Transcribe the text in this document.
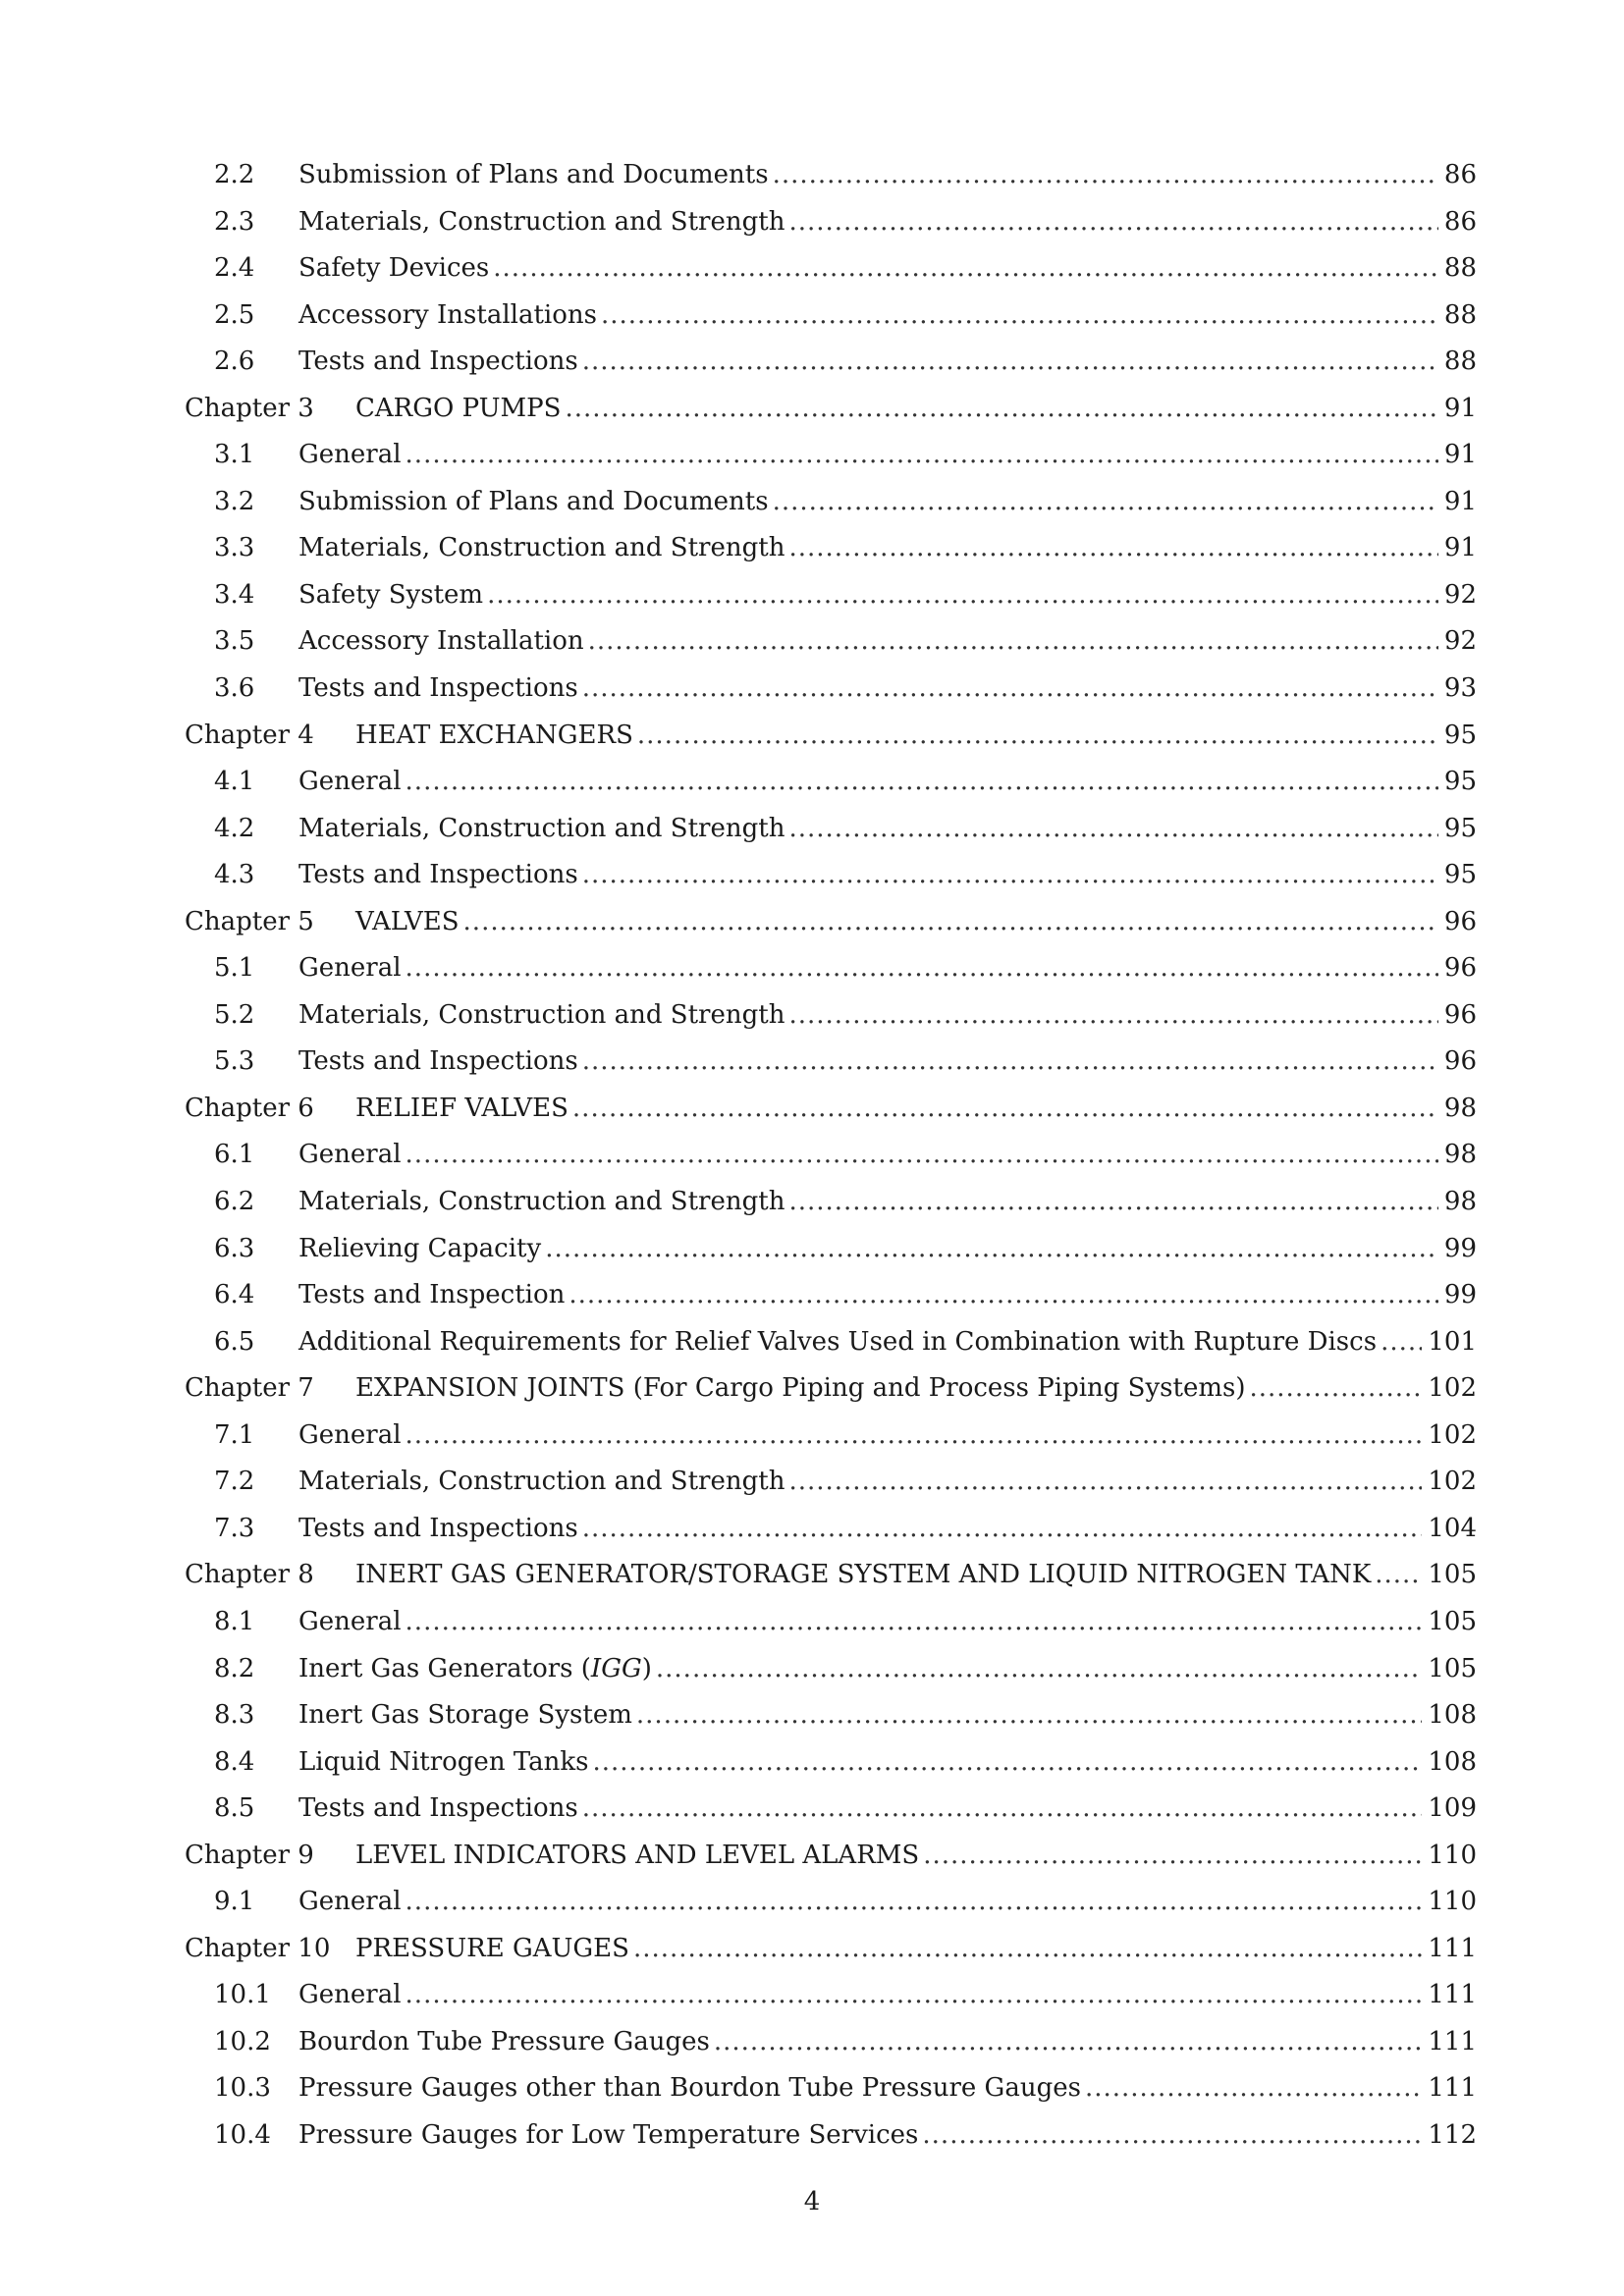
2.2	Submission of Plans and Documents .....	86
2.3	Materials, Construction and Strength .....	86
2.4	Safety Devices .....	88
2.5	Accessory Installations .....	88
2.6	Tests and Inspections .....	88
Chapter 3	CARGO PUMPS .....	91
3.1	General .....	91
3.2	Submission of Plans and Documents .....	91
3.3	Materials, Construction and Strength .....	91
3.4	Safety System .....	92
3.5	Accessory Installation .....	92
3.6	Tests and Inspections .....	93
Chapter 4	HEAT EXCHANGERS .....	95
4.1	General .....	95
4.2	Materials, Construction and Strength .....	95
4.3	Tests and Inspections .....	95
Chapter 5	VALVES .....	96
5.1	General .....	96
5.2	Materials, Construction and Strength .....	96
5.3	Tests and Inspections .....	96
Chapter 6	RELIEF VALVES .....	98
6.1	General .....	98
6.2	Materials, Construction and Strength .....	98
6.3	Relieving Capacity .....	99
6.4	Tests and Inspection .....	99
6.5	Additional Requirements for Relief Valves Used in Combination with Rupture Discs ..... 101
Chapter 7	EXPANSION JOINTS (For Cargo Piping and Process Piping Systems) .....	102
7.1	General .....	102
7.2	Materials, Construction and Strength .....	102
7.3	Tests and Inspections .....	104
Chapter 8	INERT GAS GENERATOR/STORAGE SYSTEM AND LIQUID NITROGEN TANK ..... 105
8.1	General .....	105
8.2	Inert Gas Generators (IGG) .....	105
8.3	Inert Gas Storage System .....	108
8.4	Liquid Nitrogen Tanks .....	108
8.5	Tests and Inspections .....	109
Chapter 9	LEVEL INDICATORS AND LEVEL ALARMS .....	110
9.1	General .....	110
Chapter 10 PRESSURE GAUGES .....	111
10.1	General .....	111
10.2	Bourdon Tube Pressure Gauges .....	111
10.3	Pressure Gauges other than Bourdon Tube Pressure Gauges .....	111
10.4	Pressure Gauges for Low Temperature Services .....	112
4
